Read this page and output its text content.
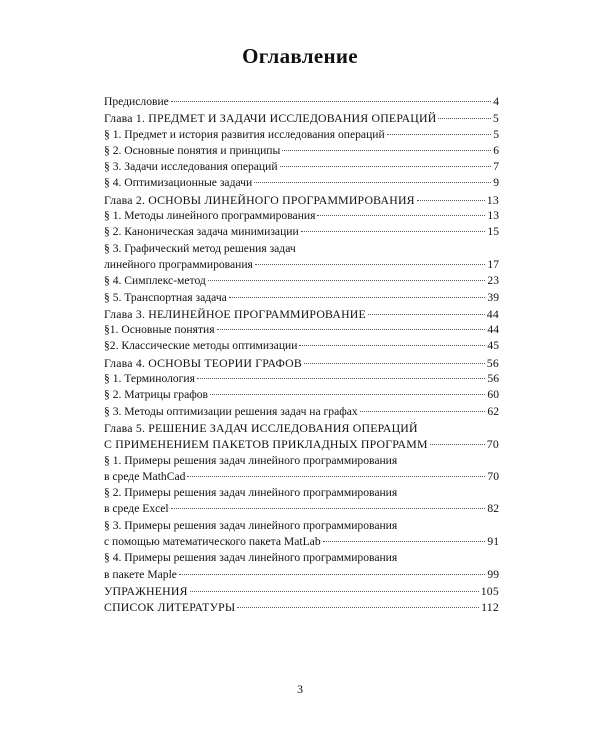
Оглавление
Предисловие	4
Глава 1. ПРЕДМЕТ И ЗАДАЧИ ИССЛЕДОВАНИЯ ОПЕРАЦИЙ	5
§ 1. Предмет и история развития исследования операций	5
§ 2. Основные понятия и принципы	6
§ 3. Задачи исследования операций	7
§ 4. Оптимизационные задачи	9
Глава 2. ОСНОВЫ ЛИНЕЙНОГО ПРОГРАММИРОВАНИЯ	13
§ 1. Методы линейного программирования	13
§ 2. Каноническая задача минимизации	15
§ 3. Графический метод решения задач
линейного программирования	17
§ 4. Симплекс-метод	23
§ 5. Транспортная задача	39
Глава 3. НЕЛИНЕЙНОЕ ПРОГРАММИРОВАНИЕ	44
§1. Основные понятия	44
§2. Классические методы оптимизации	45
Глава 4. ОСНОВЫ ТЕОРИИ ГРАФОВ	56
§ 1. Терминология	56
§ 2. Матрицы графов	60
§ 3. Методы оптимизации решения задач на графах	62
Глава 5. РЕШЕНИЕ ЗАДАЧ ИССЛЕДОВАНИЯ ОПЕРАЦИЙ
С ПРИМЕНЕНИЕМ ПАКЕТОВ ПРИКЛАДНЫХ ПРОГРАММ	70
§ 1. Примеры решения задач линейного программирования
в среде MathCad	70
§ 2. Примеры решения задач линейного программирования
в среде Excel	82
§ 3. Примеры решения задач линейного программирования
с помощью математического пакета MatLab	91
§ 4. Примеры решения задач линейного программирования
в пакете Maple	99
УПРАЖНЕНИЯ	105
СПИСОК ЛИТЕРАТУРЫ	112
3
